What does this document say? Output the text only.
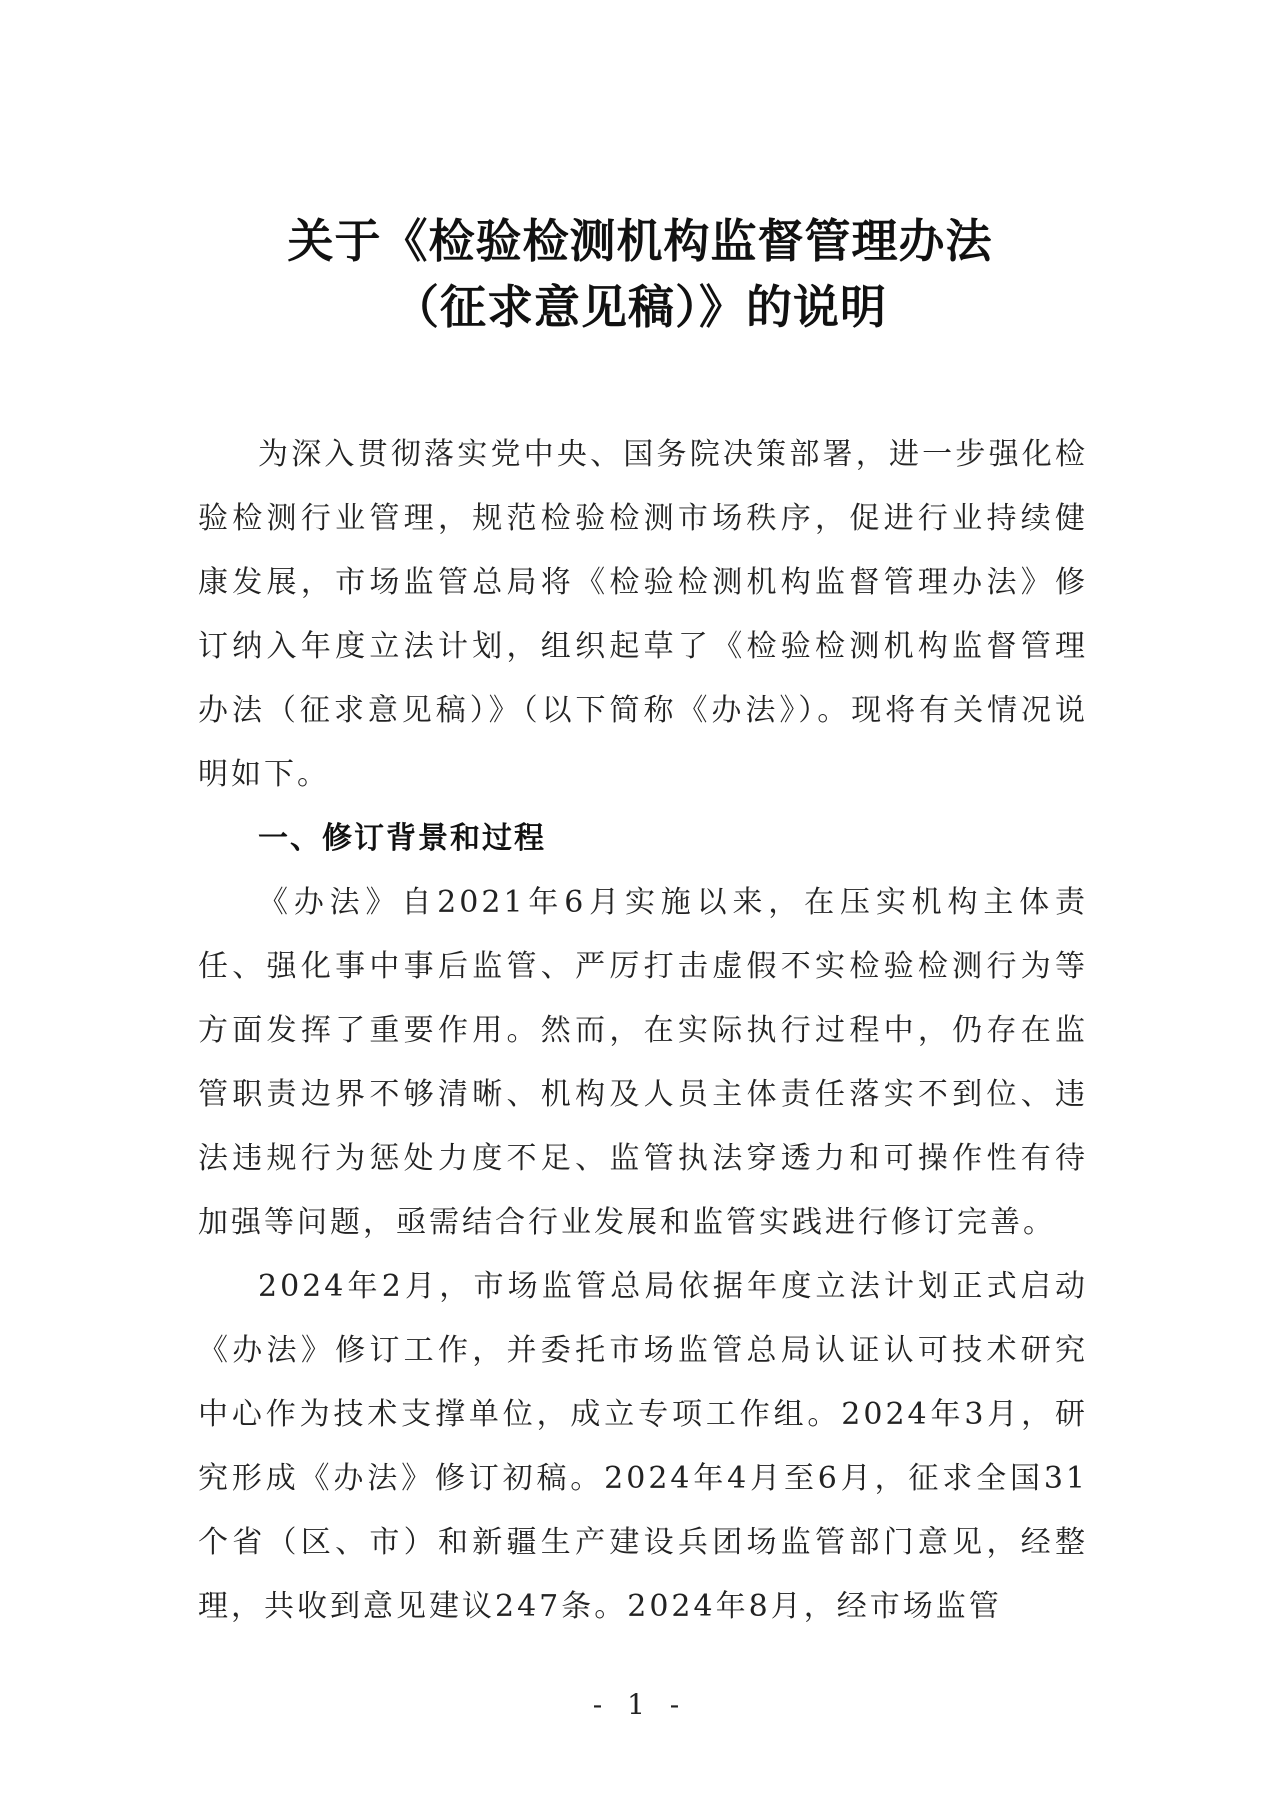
关于《检验检测机构监督管理办法
（征求意见稿）》的说明

为深入贯彻落实党中央、国务院决策部署，进一步强化检验检测行业管理，规范检验检测市场秩序，促进行业持续健康发展，市场监管总局将《检验检测机构监督管理办法》修订纳入年度立法计划，组织起草了《检验检测机构监督管理办法（征求意见稿）》（以下简称《办法》）。现将有关情况说明如下。

一、修订背景和过程

《办法》自2021年6月实施以来，在压实机构主体责任、强化事中事后监管、严厉打击虚假不实检验检测行为等方面发挥了重要作用。然而，在实际执行过程中，仍存在监管职责边界不够清晰、机构及人员主体责任落实不到位、违法违规行为惩处力度不足、监管执法穿透力和可操作性有待加强等问题，亟需结合行业发展和监管实践进行修订完善。

2024年2月，市场监管总局依据年度立法计划正式启动《办法》修订工作，并委托市场监管总局认证认可技术研究中心作为技术支撑单位，成立专项工作组。2024年3月，研究形成《办法》修订初稿。2024年4月至6月，征求全国31个省（区、市）和新疆生产建设兵团场监管部门意见，经整理，共收到意见建议247条。2024年8月，经市场监管

- 1 -
